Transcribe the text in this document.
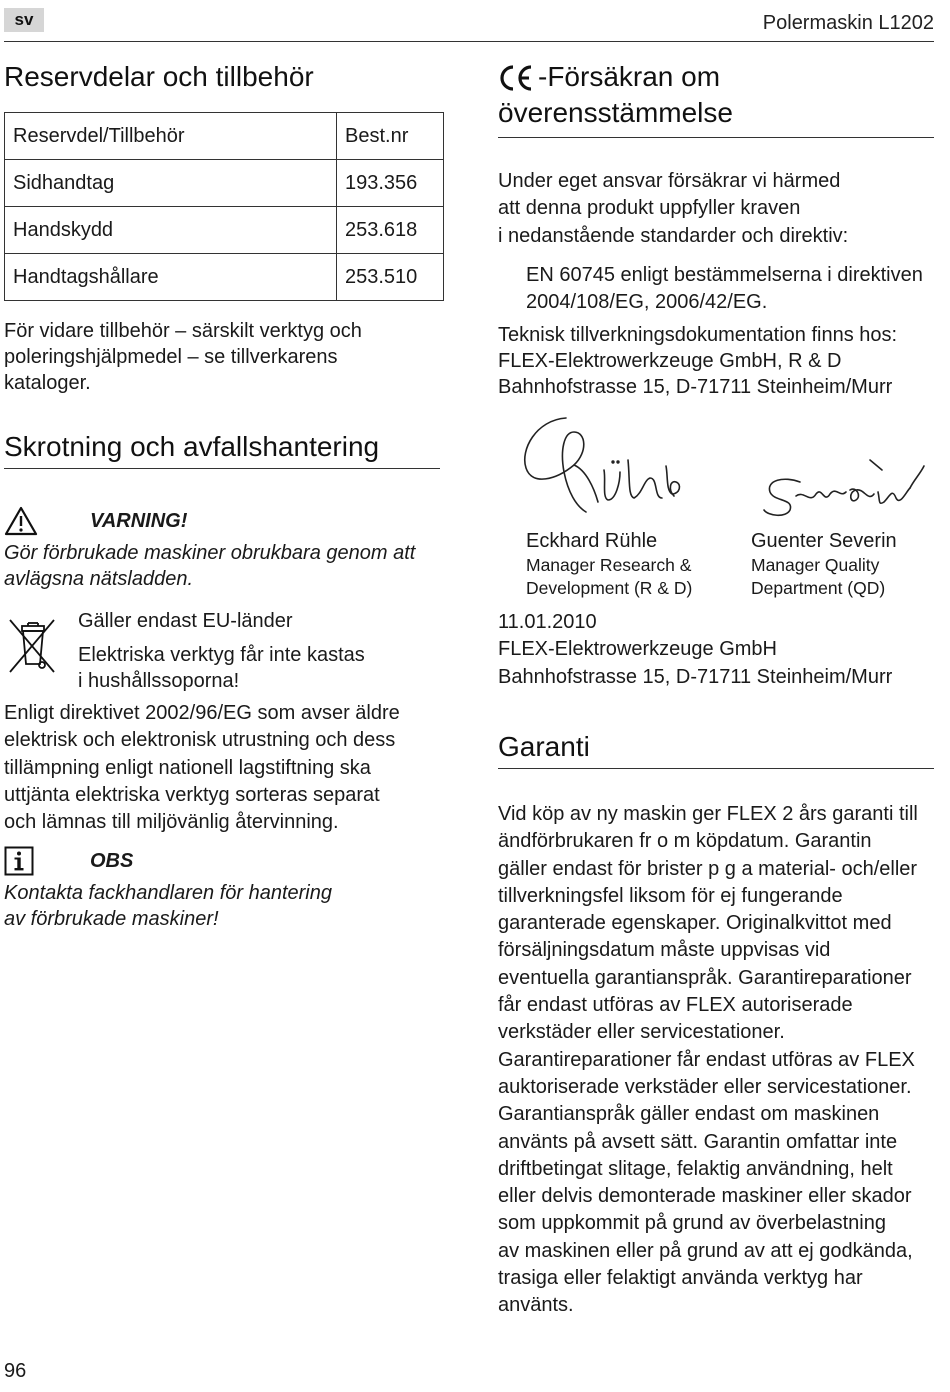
sv	Polermaskin L1202
Reservdelar och tillbehör
Reservdel/Tillbehör	Best.nr
Sidhandtag	193.356
Handskydd	253.618
Handtagshållare	253.510
För vidare tillbehör – särskilt verktyg och
poleringshjälpmedel – se tillverkarens
kataloger.
Skrotning och avfallshantering
VARNING!
Gör förbrukade maskiner obrukbara genom att
avlägsna nätsladden.
Gäller endast EU-länder
Elektriska verktyg får inte kastas
i hushållssoporna!
Enligt direktivet 2002/96/EG som avser äldre
elektrisk och elektronisk utrustning och dess
tillämpning enligt nationell lagstiftning ska
uttjänta elektriska verktyg sorteras separat
och lämnas till miljövänlig återvinning.
OBS
Kontakta fackhandlaren för hantering
av förbrukade maskiner!
-Försäkran om
överensstämmelse
Under eget ansvar försäkrar vi härmed
att denna produkt uppfyller kraven
i nedanstående standarder och direktiv:
EN 60745 enligt bestämmelserna i direktiven
2004/108/EG, 2006/42/EG.
Teknisk tillverkningsdokumentation finns hos:
FLEX-Elektrowerkzeuge GmbH, R & D
Bahnhofstrasse 15, D-71711 Steinheim/Murr
Eckhard Rühle
Manager Research &
Development (R & D)
Guenter Severin
Manager Quality
Department (QD)
11.01.2010
FLEX-Elektrowerkzeuge GmbH
Bahnhofstrasse 15, D-71711 Steinheim/Murr
Garanti
Vid köp av ny maskin ger FLEX 2 års garanti till
ändförbrukaren fr o m köpdatum. Garantin
gäller endast för brister p g a material- och/eller
tillverkningsfel liksom för ej fungerande
garanterade egenskaper. Originalkvittot med
försäljningsdatum måste uppvisas vid
eventuella garantianspråk. Garantireparationer
får endast utföras av FLEX autoriserade
verkstäder eller servicestationer.
Garantireparationer får endast utföras av FLEX
auktoriserade verkstäder eller servicestationer.
Garantianspråk gäller endast om maskinen
använts på avsett sätt. Garantin omfattar inte
driftbetingat slitage, felaktig användning, helt
eller delvis demonterade maskiner eller skador
som uppkommit på grund av överbelastning
av maskinen eller på grund av att ej godkända,
trasiga eller felaktigt använda verktyg har
använts.
96
